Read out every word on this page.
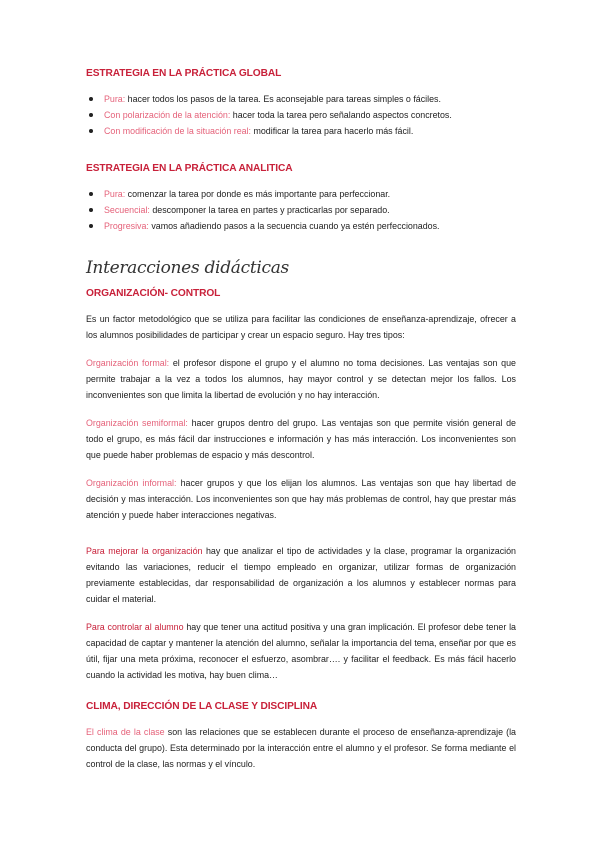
ESTRATEGIA EN LA PRÁCTICA GLOBAL
Pura: hacer todos los pasos de la tarea. Es aconsejable para tareas simples o fáciles.
Con polarización de la atención: hacer toda la tarea pero señalando aspectos concretos.
Con modificación de la situación real: modificar la tarea para hacerlo más fácil.
ESTRATEGIA EN LA PRÁCTICA ANALITICA
Pura: comenzar la tarea por donde es más importante para perfeccionar.
Secuencial: descomponer la tarea en partes y practicarlas por separado.
Progresiva: vamos añadiendo pasos a la secuencia cuando ya estén perfeccionados.
Interacciones didácticas
ORGANIZACIÓN- CONTROL

Es un factor metodológico que se utiliza para facilitar las condiciones de enseñanza-aprendizaje, ofrecer a los alumnos posibilidades de participar y crear un espacio seguro. Hay tres tipos:

Organización formal: el profesor dispone el grupo y el alumno no toma decisiones. Las ventajas son que permite trabajar a la vez a todos los alumnos, hay mayor control y se detectan mejor los fallos. Los inconvenientes son que limita la libertad de evolución y no hay interacción.

Organización semiformal: hacer grupos dentro del grupo. Las ventajas son que permite visión general de todo el grupo, es más fácil dar instrucciones e información y has más interacción. Los inconvenientes son que puede haber problemas de espacio y más descontrol.

Organización informal: hacer grupos y que los elijan los alumnos. Las ventajas son que hay libertad de decisión y mas interacción. Los inconvenientes son que hay más problemas de control, hay que prestar más atención y puede haber interacciones negativas.

Para mejorar la organización hay que analizar el tipo de actividades y la clase, programar la organización evitando las variaciones, reducir el tiempo empleado en organizar, utilizar formas de organización previamente establecidas, dar responsabilidad de organización a los alumnos y establecer normas para cuidar el material.

Para controlar al alumno hay que tener una actitud positiva y una gran implicación. El profesor debe tener la capacidad de captar y mantener la atención del alumno, señalar la importancia del tema, enseñar por que es útil, fijar una meta próxima, reconocer el esfuerzo, asombrar…. y facilitar el feedback. Es más fácil hacerlo cuando la actividad les motiva, hay buen clima…

CLIMA, DIRECCIÓN DE LA CLASE Y DISCIPLINA

El clima de la clase son las relaciones que se establecen durante el proceso de enseñanza-aprendizaje (la conducta del grupo). Esta determinado por la interacción entre el alumno y el profesor. Se forma mediante el control de la clase, las normas y el vínculo.
